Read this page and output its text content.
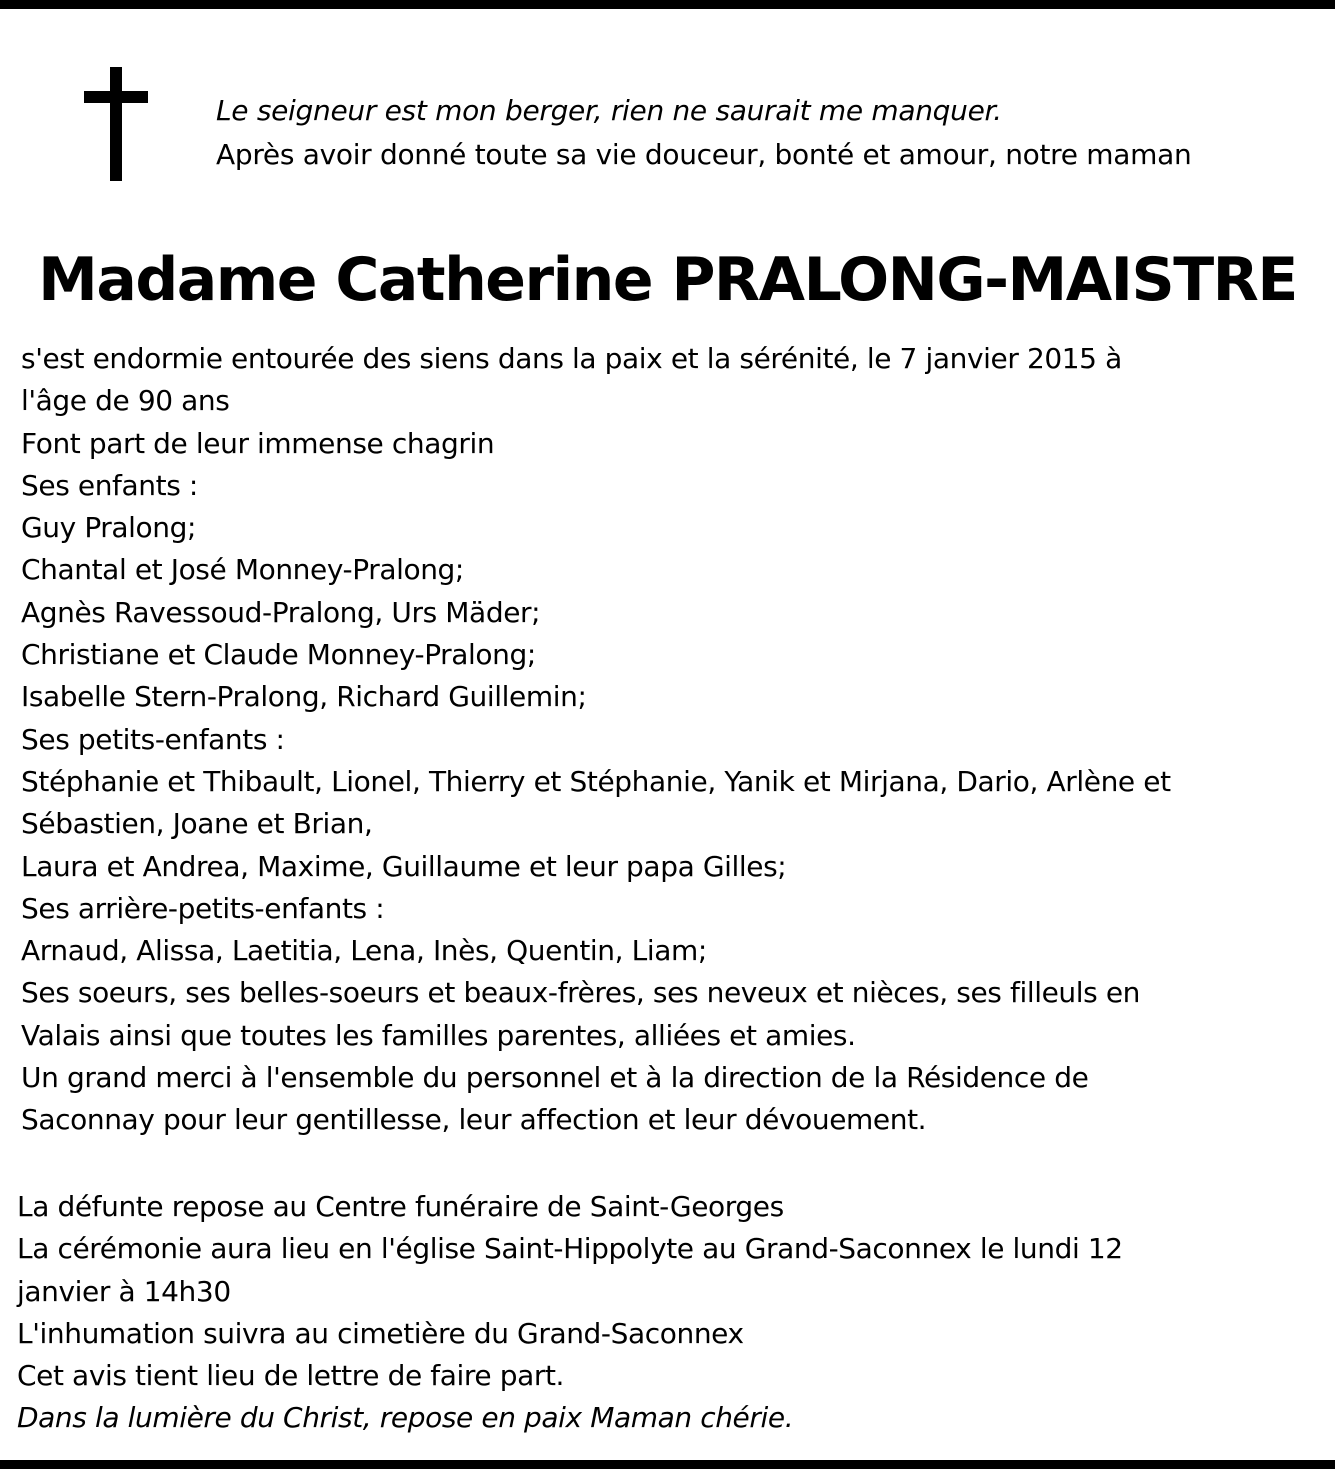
Le seigneur est mon berger, rien ne saurait me manquer.
Après avoir donné toute sa vie douceur, bonté et amour, notre maman
Madame Catherine PRALONG-MAISTRE
s'est endormie entourée des siens dans la paix et la sérénité, le 7 janvier 2015 à
l'âge de 90 ans
Font part de leur immense chagrin
Ses enfants :
Guy Pralong;
Chantal et José Monney-Pralong;
Agnès Ravessoud-Pralong, Urs Mäder;
Christiane et Claude Monney-Pralong;
Isabelle Stern-Pralong, Richard Guillemin;
Ses petits-enfants :
Stéphanie et Thibault, Lionel, Thierry et Stéphanie, Yanik et Mirjana, Dario, Arlène et
Sébastien, Joane et Brian,
Laura et Andrea, Maxime, Guillaume et leur papa Gilles;
Ses arrière-petits-enfants :
Arnaud, Alissa, Laetitia, Lena, Inès, Quentin, Liam;
Ses soeurs, ses belles-soeurs et beaux-frères, ses neveux et nièces, ses filleuls en
Valais ainsi que toutes les familles parentes, alliées et amies.
Un grand merci à l'ensemble du personnel et à la direction de la Résidence de
Saconnay pour leur gentillesse, leur affection et leur dévouement.
La défunte repose au Centre funéraire de Saint-Georges
La cérémonie aura lieu en l'église Saint-Hippolyte au Grand-Saconnex le lundi 12
janvier à 14h30
L'inhumation suivra au cimetière du Grand-Saconnex
Cet avis tient lieu de lettre de faire part.
Dans la lumière du Christ, repose en paix Maman chérie.
